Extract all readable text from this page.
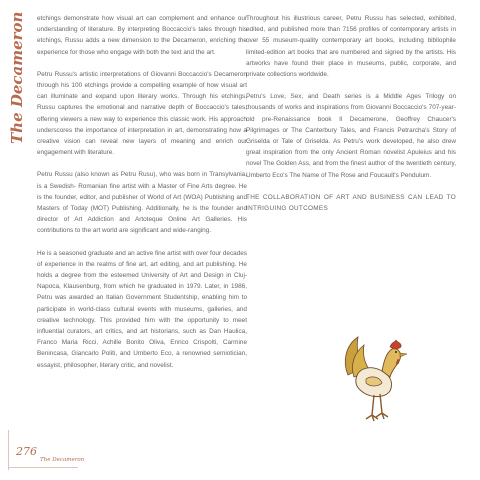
The Decameron etchings demonstrate how visual art can complement and enhance our understanding of literature. By interpreting Boccaccio's tales through his etchings, Russu adds a new dimension to the Decameron, enriching the experience for those who engage with both the text and the art.

Petru Russu's artistic interpretations of Giovanni Boccaccio's Decameron through his 100 etchings provide a compelling example of how visual art can illuminate and expand upon literary works. Through his etchings, Russu captures the emotional and narrative depth of Boccaccio's tales, offering viewers a new way to experience this classic work. His approach underscores the importance of interpretation in art, demonstrating how a creative vision can reveal new layers of meaning and enrich our engagement with literature.

Petru Russu (also known as Petru Rusu), who was born in Transylvania, is a Swedish- Romanian fine artist with a Master of Fine Arts degree. He is the founder, editor, and publisher of World of Art (WOA) Publishing and Masters of Today (MOT) Publishing. Additionally, he is the founder and director of Art Addiction and Artoteque Online Art Galleries. His contributions to the art world are significant and wide-ranging.

He is a seasoned graduate and an active fine artist with over four decades of experience in the realms of fine art, art editing, and art publishing. He holds a degree from the esteemed University of Art and Design in Cluj-Napoca, Klausenburg, from which he graduated in 1979. Later, in 1986, Petru was awarded an Italian Government Studentship, enabling him to participate in world-class cultural events with museums, galleries, and creative technology. This provided him with the opportunity to meet influential curators, art critics, and art historians, such as Dan Haulica, Franco Maria Ricci, Achille Bonito Oliva, Enrico Crispolti, Carmine Benincasa, Giancarlo Politi, and Umberto Eco, a renowned semiotician, essayist, philosopher, literary critic, and novelist.

Throughout his illustrious career, Petru Russu has selected, exhibited, edited, and published more than 7156 profiles of contemporary artists in over 55 museum-quality contemporary art books, including bibliophile limited-edition art books that are numbered and signed by the artists. His artworks have found their place in museums, public, corporate, and private collections worldwide.

Petru's Love, Sex, and Death series is a Middle Ages Trilogy on thousands of works and inspirations from Giovanni Boccaccio's 707-year-old pre-Renaissance book Il Decamerone, Geoffrey Chaucer's Pilgrimages or The Canterbury Tales, and Francis Petrarcha's Story of Griselda or Tale of Griselda. As Petru's work developed, he also drew great inspiration from the only Ancient Roman novelist Apuleius and his novel The Golden Ass, and from the finest author of the twentieth century, Umberto Eco's The Name of The Rose and Foucault's Pendulum.

THE COLLABORATION OF ART AND BUSINESS CAN LEAD TO INTRIGUING OUTCOMES

276
The Decameron
